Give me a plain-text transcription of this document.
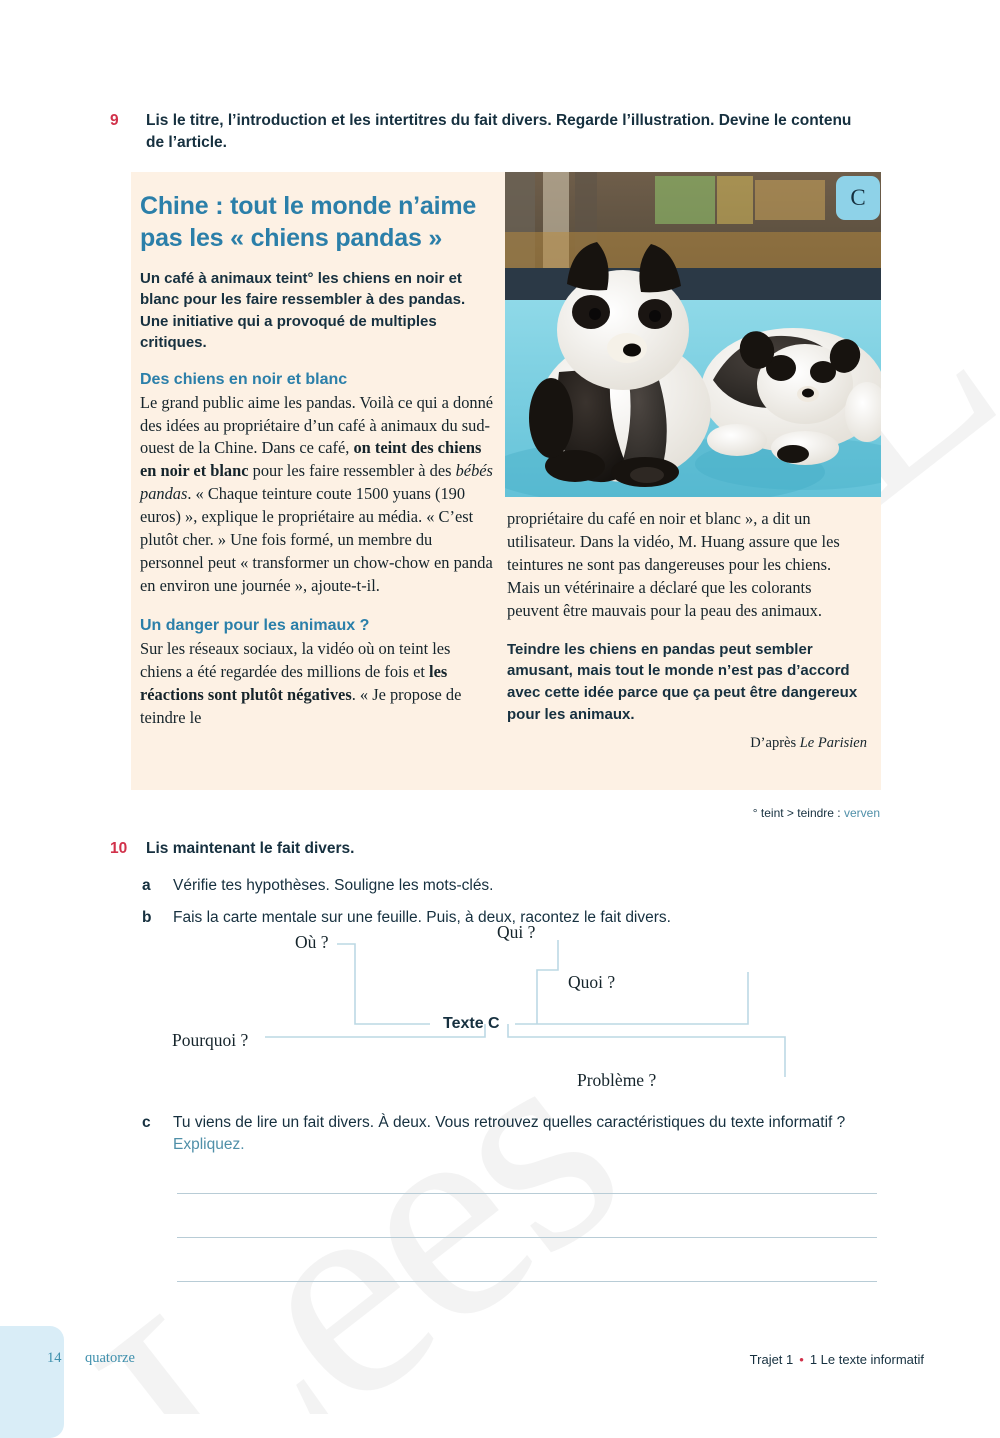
9	Lis le titre, l’introduction et les intertitres du fait divers. Regarde l’illustration. Devine le contenu de l’article.
Chine : tout le monde n’aime pas les « chiens pandas »

Un café à animaux teint° les chiens en noir et blanc pour les faire ressembler à des pandas. Une initiative qui a provoqué de multiples critiques.

Des chiens en noir et blanc

Le grand public aime les pandas. Voilà ce qui a donné des idées au propriétaire d’un café à animaux du sud-ouest de la Chine. Dans ce café, on teint des chiens en noir et blanc pour les faire ressembler à des bébés pandas. « Chaque teinture coute 1500 yuans (190 euros) », explique le propriétaire au média. « C’est plutôt cher. » Une fois formé, un membre du personnel peut « transformer un chow-chow en panda en environ une journée », ajoute-t-il.

Un danger pour les animaux ?

Sur les réseaux sociaux, la vidéo où on teint les chiens a été regardée des millions de fois et les réactions sont plutôt négatives. « Je propose de teindre le

propriétaire du café en noir et blanc », a dit un utilisateur. Dans la vidéo, M. Huang assure que les teintures ne sont pas dangereuses pour les chiens. Mais un vétérinaire a déclaré que les colorants peuvent être mauvais pour la peau des animaux.

Teindre les chiens en pandas peut sembler amusant, mais tout le monde n’est pas d’accord avec cette idée parce que ça peut être dangereux pour les animaux.

D’après Le Parisien

C
° teint > teindre : verven
10	Lis maintenant le fait divers.
a	Vérifie tes hypothèses. Souligne les mots-clés.
b	Fais la carte mentale sur une feuille. Puis, à deux, racontez le fait divers.
Où ?	Qui ?
Quoi ?
Pourquoi ?
Problème ?
Texte C
c	Tu viens de lire un fait divers. À deux. Vous retrouvez quelles caractéristiques du texte informatif ? Expliquez.
14 quatorze	Trajet 1 • 1 Le texte informatif
